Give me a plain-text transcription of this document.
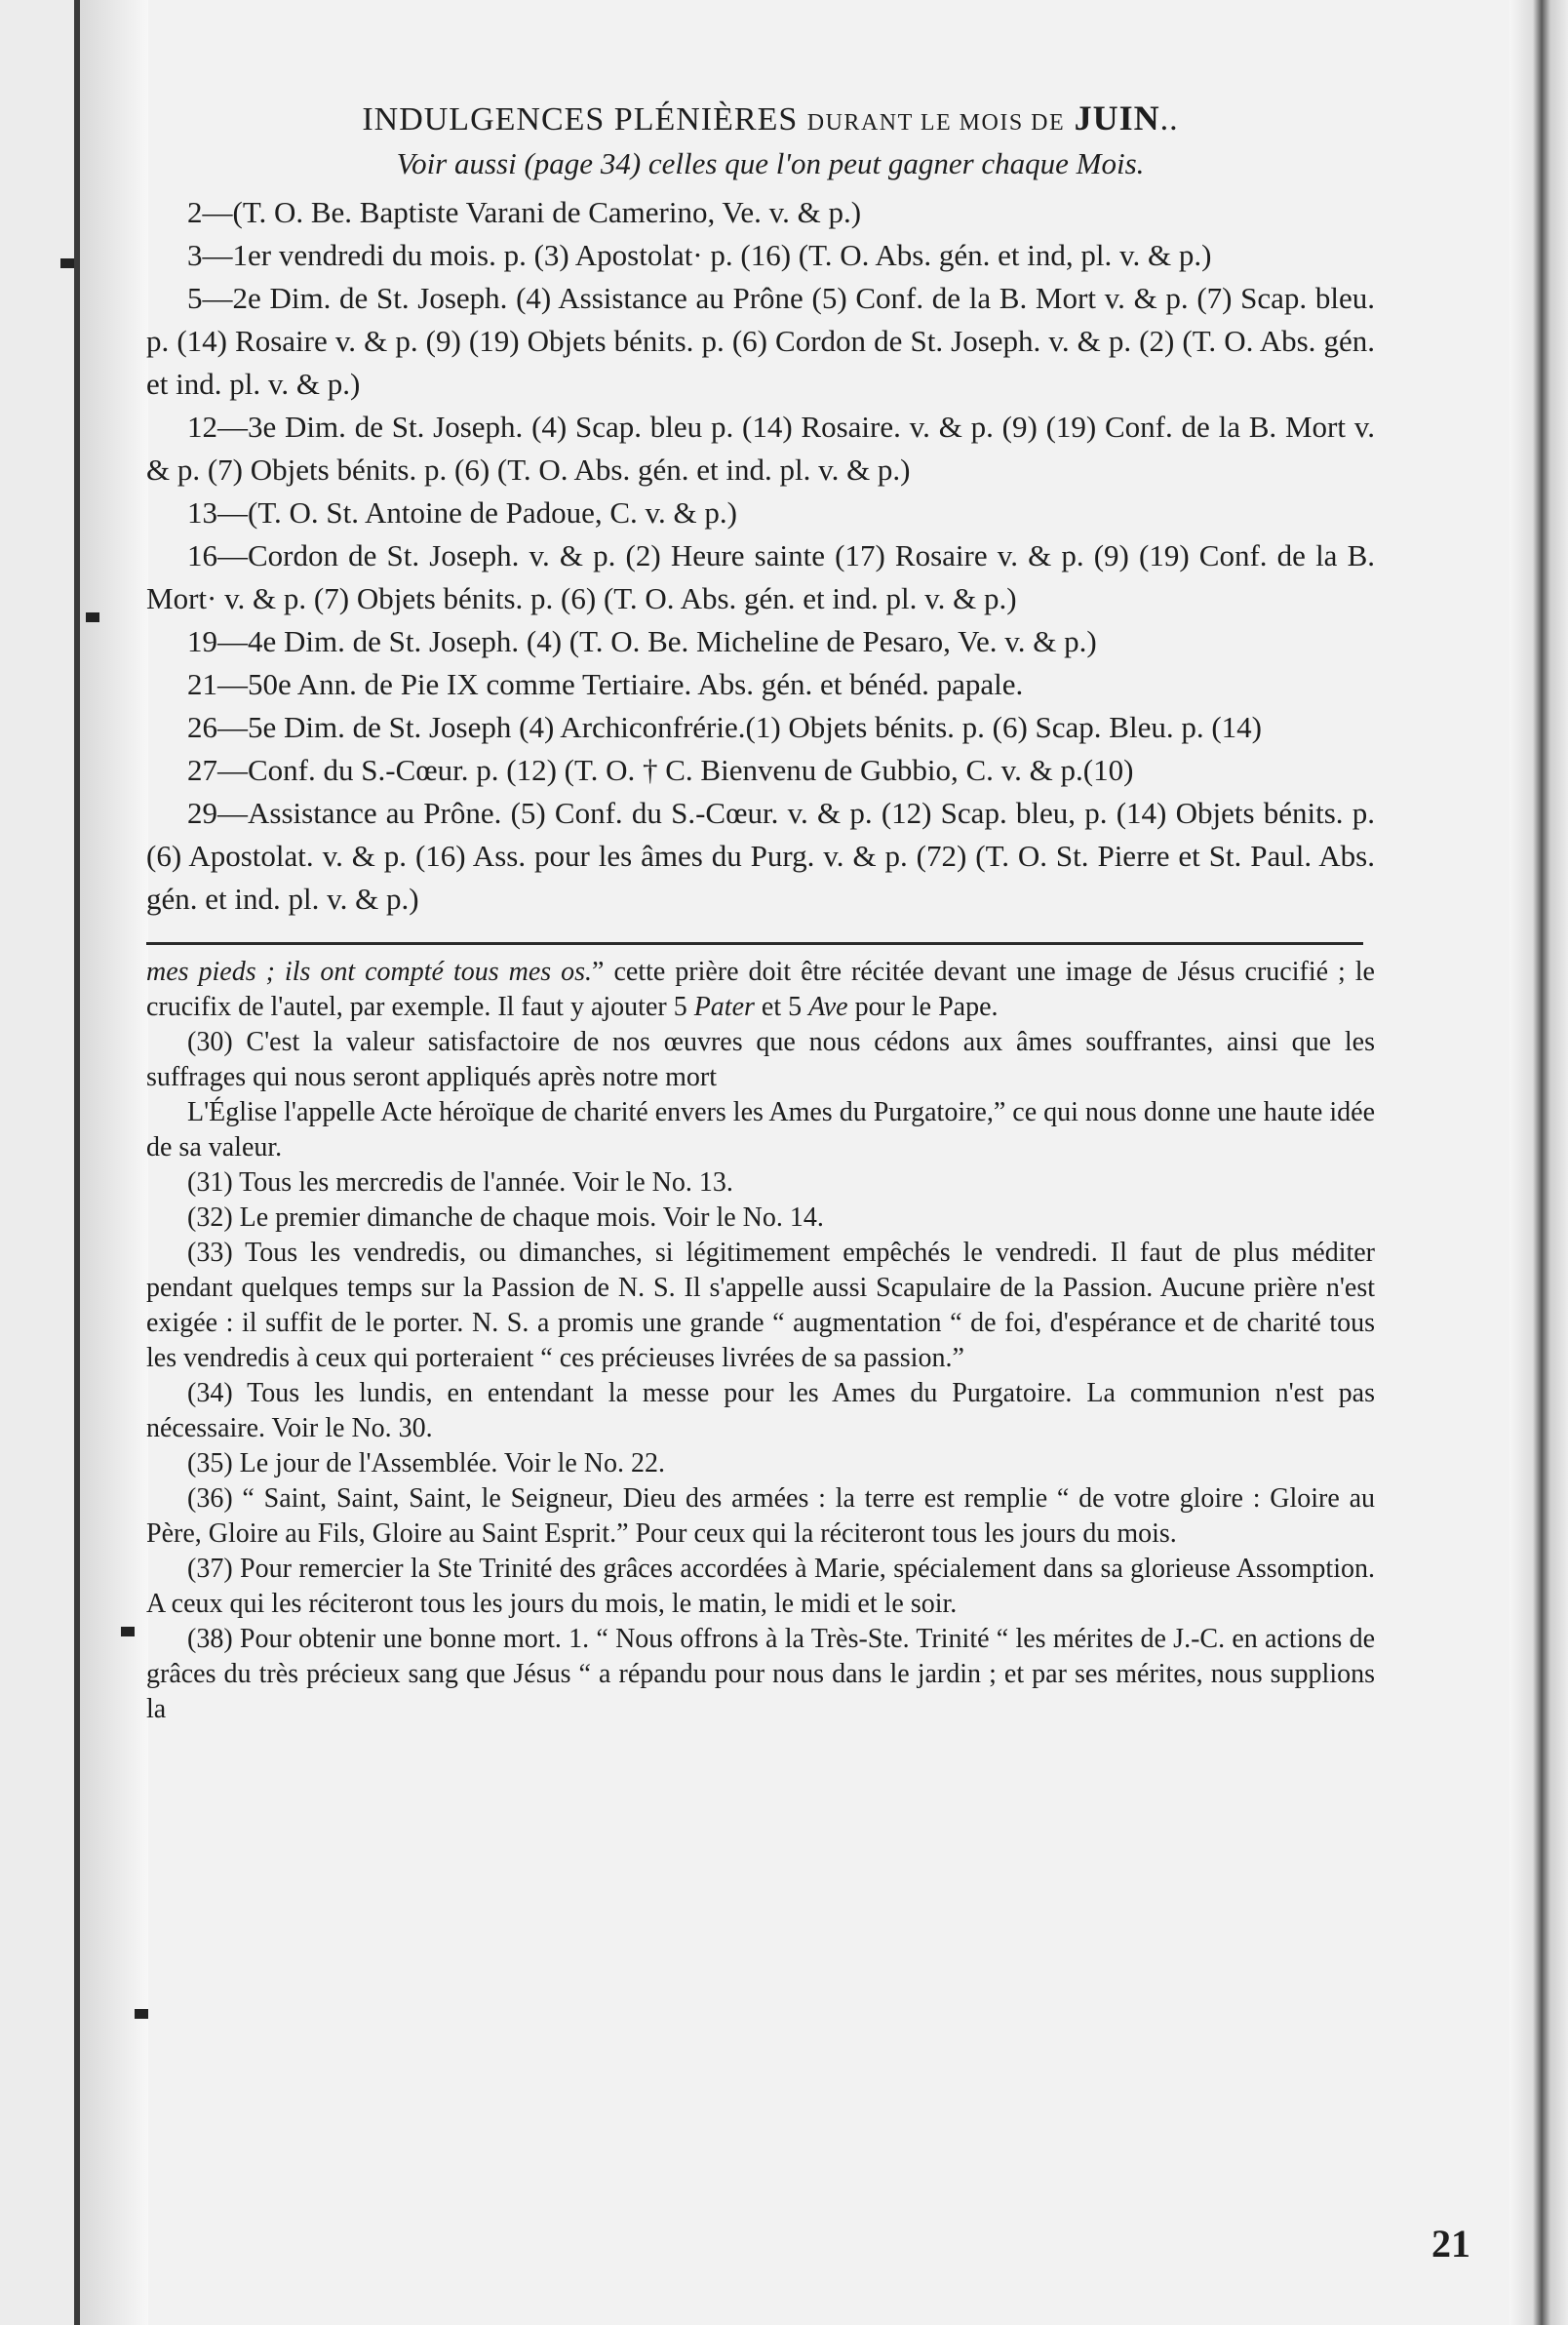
INDULGENCES PLÉNIÈRES DURANT LE MOIS DE JUIN..
Voir aussi (page 34) celles que l'on peut gagner chaque Mois.

2—(T. O. Be. Baptiste Varani de Camerino, Ve. v. & p.)

3—1er vendredi du mois. p. (3) Apostolat· p. (16) (T. O. Abs. gén. et ind, pl. v. & p.)

5—2e Dim. de St. Joseph. (4) Assistance au Prône (5) Conf. de la B. Mort v. & p. (7) Scap. bleu. p. (14) Rosaire v. & p. (9) (19) Objets bénits. p. (6) Cordon de St. Joseph. v. & p. (2) (T. O. Abs. gén. et ind. pl. v. & p.)

12—3e Dim. de St. Joseph. (4) Scap. bleu p. (14) Rosaire. v. & p. (9) (19) Conf. de la B. Mort v. & p. (7) Objets bénits. p. (6) (T. O. Abs. gén. et ind. pl. v. & p.)

13—(T. O. St. Antoine de Padoue, C. v. & p.)

16—Cordon de St. Joseph. v. & p. (2) Heure sainte (17) Rosaire v. & p. (9) (19) Conf. de la B. Mort· v. & p. (7) Objets bénits. p. (6) (T. O. Abs. gén. et ind. pl. v. & p.)

19—4e Dim. de St. Joseph. (4) (T. O. Be. Micheline de Pesaro, Ve. v. & p.)

21—50e Ann. de Pie IX comme Tertiaire. Abs. gén. et bénéd. papale.

26—5e Dim. de St. Joseph (4) Archiconfrérie.(1) Objets bénits. p. (6) Scap. Bleu. p. (14)

27—Conf. du S.-Cœur. p. (12) (T. O. † C. Bienvenu de Gubbio, C. v. & p.(10)

29—Assistance au Prône. (5) Conf. du S.-Cœur. v. & p. (12) Scap. bleu, p. (14) Objets bénits. p. (6) Apostolat. v. & p. (16) Ass. pour les âmes du Purg. v. & p. (72) (T. O. St. Pierre et St. Paul. Abs. gén. et ind. pl. v. & p.)

mes pieds ; ils ont compté tous mes os.” cette prière doit être récitée devant une image de Jésus crucifié ; le crucifix de l'autel, par exemple. Il faut y ajouter 5 Pater et 5 Ave pour le Pape.

(30) C'est la valeur satisfactoire de nos œuvres que nous cédons aux âmes souffrantes, ainsi que les suffrages qui nous seront appliqués après notre mort

L'Église l'appelle Acte héroïque de charité envers les Ames du Purgatoire,” ce qui nous donne une haute idée de sa valeur.

(31) Tous les mercredis de l'année. Voir le No. 13.

(32) Le premier dimanche de chaque mois. Voir le No. 14.

(33) Tous les vendredis, ou dimanches, si légitimement empêchés le vendredi. Il faut de plus méditer pendant quelques temps sur la Passion de N. S. Il s'appelle aussi Scapulaire de la Passion. Aucune prière n'est exigée : il suffit de le porter. N. S. a promis une grande “ augmentation “ de foi, d'espérance et de charité tous les vendredis à ceux qui porteraient “ ces précieuses livrées de sa passion.”

(34) Tous les lundis, en entendant la messe pour les Ames du Purgatoire. La communion n'est pas nécessaire. Voir le No. 30.

(35) Le jour de l'Assemblée. Voir le No. 22.

(36) “ Saint, Saint, Saint, le Seigneur, Dieu des armées : la terre est remplie “ de votre gloire : Gloire au Père, Gloire au Fils, Gloire au Saint Esprit.” Pour ceux qui la réciteront tous les jours du mois.

(37) Pour remercier la Ste Trinité des grâces accordées à Marie, spécialement dans sa glorieuse Assomption. A ceux qui les réciteront tous les jours du mois, le matin, le midi et le soir.

(38) Pour obtenir une bonne mort. 1. “ Nous offrons à la Très-Ste. Trinité “ les mérites de J.-C. en actions de grâces du très précieux sang que Jésus “ a répandu pour nous dans le jardin ; et par ses mérites, nous supplions la

21
